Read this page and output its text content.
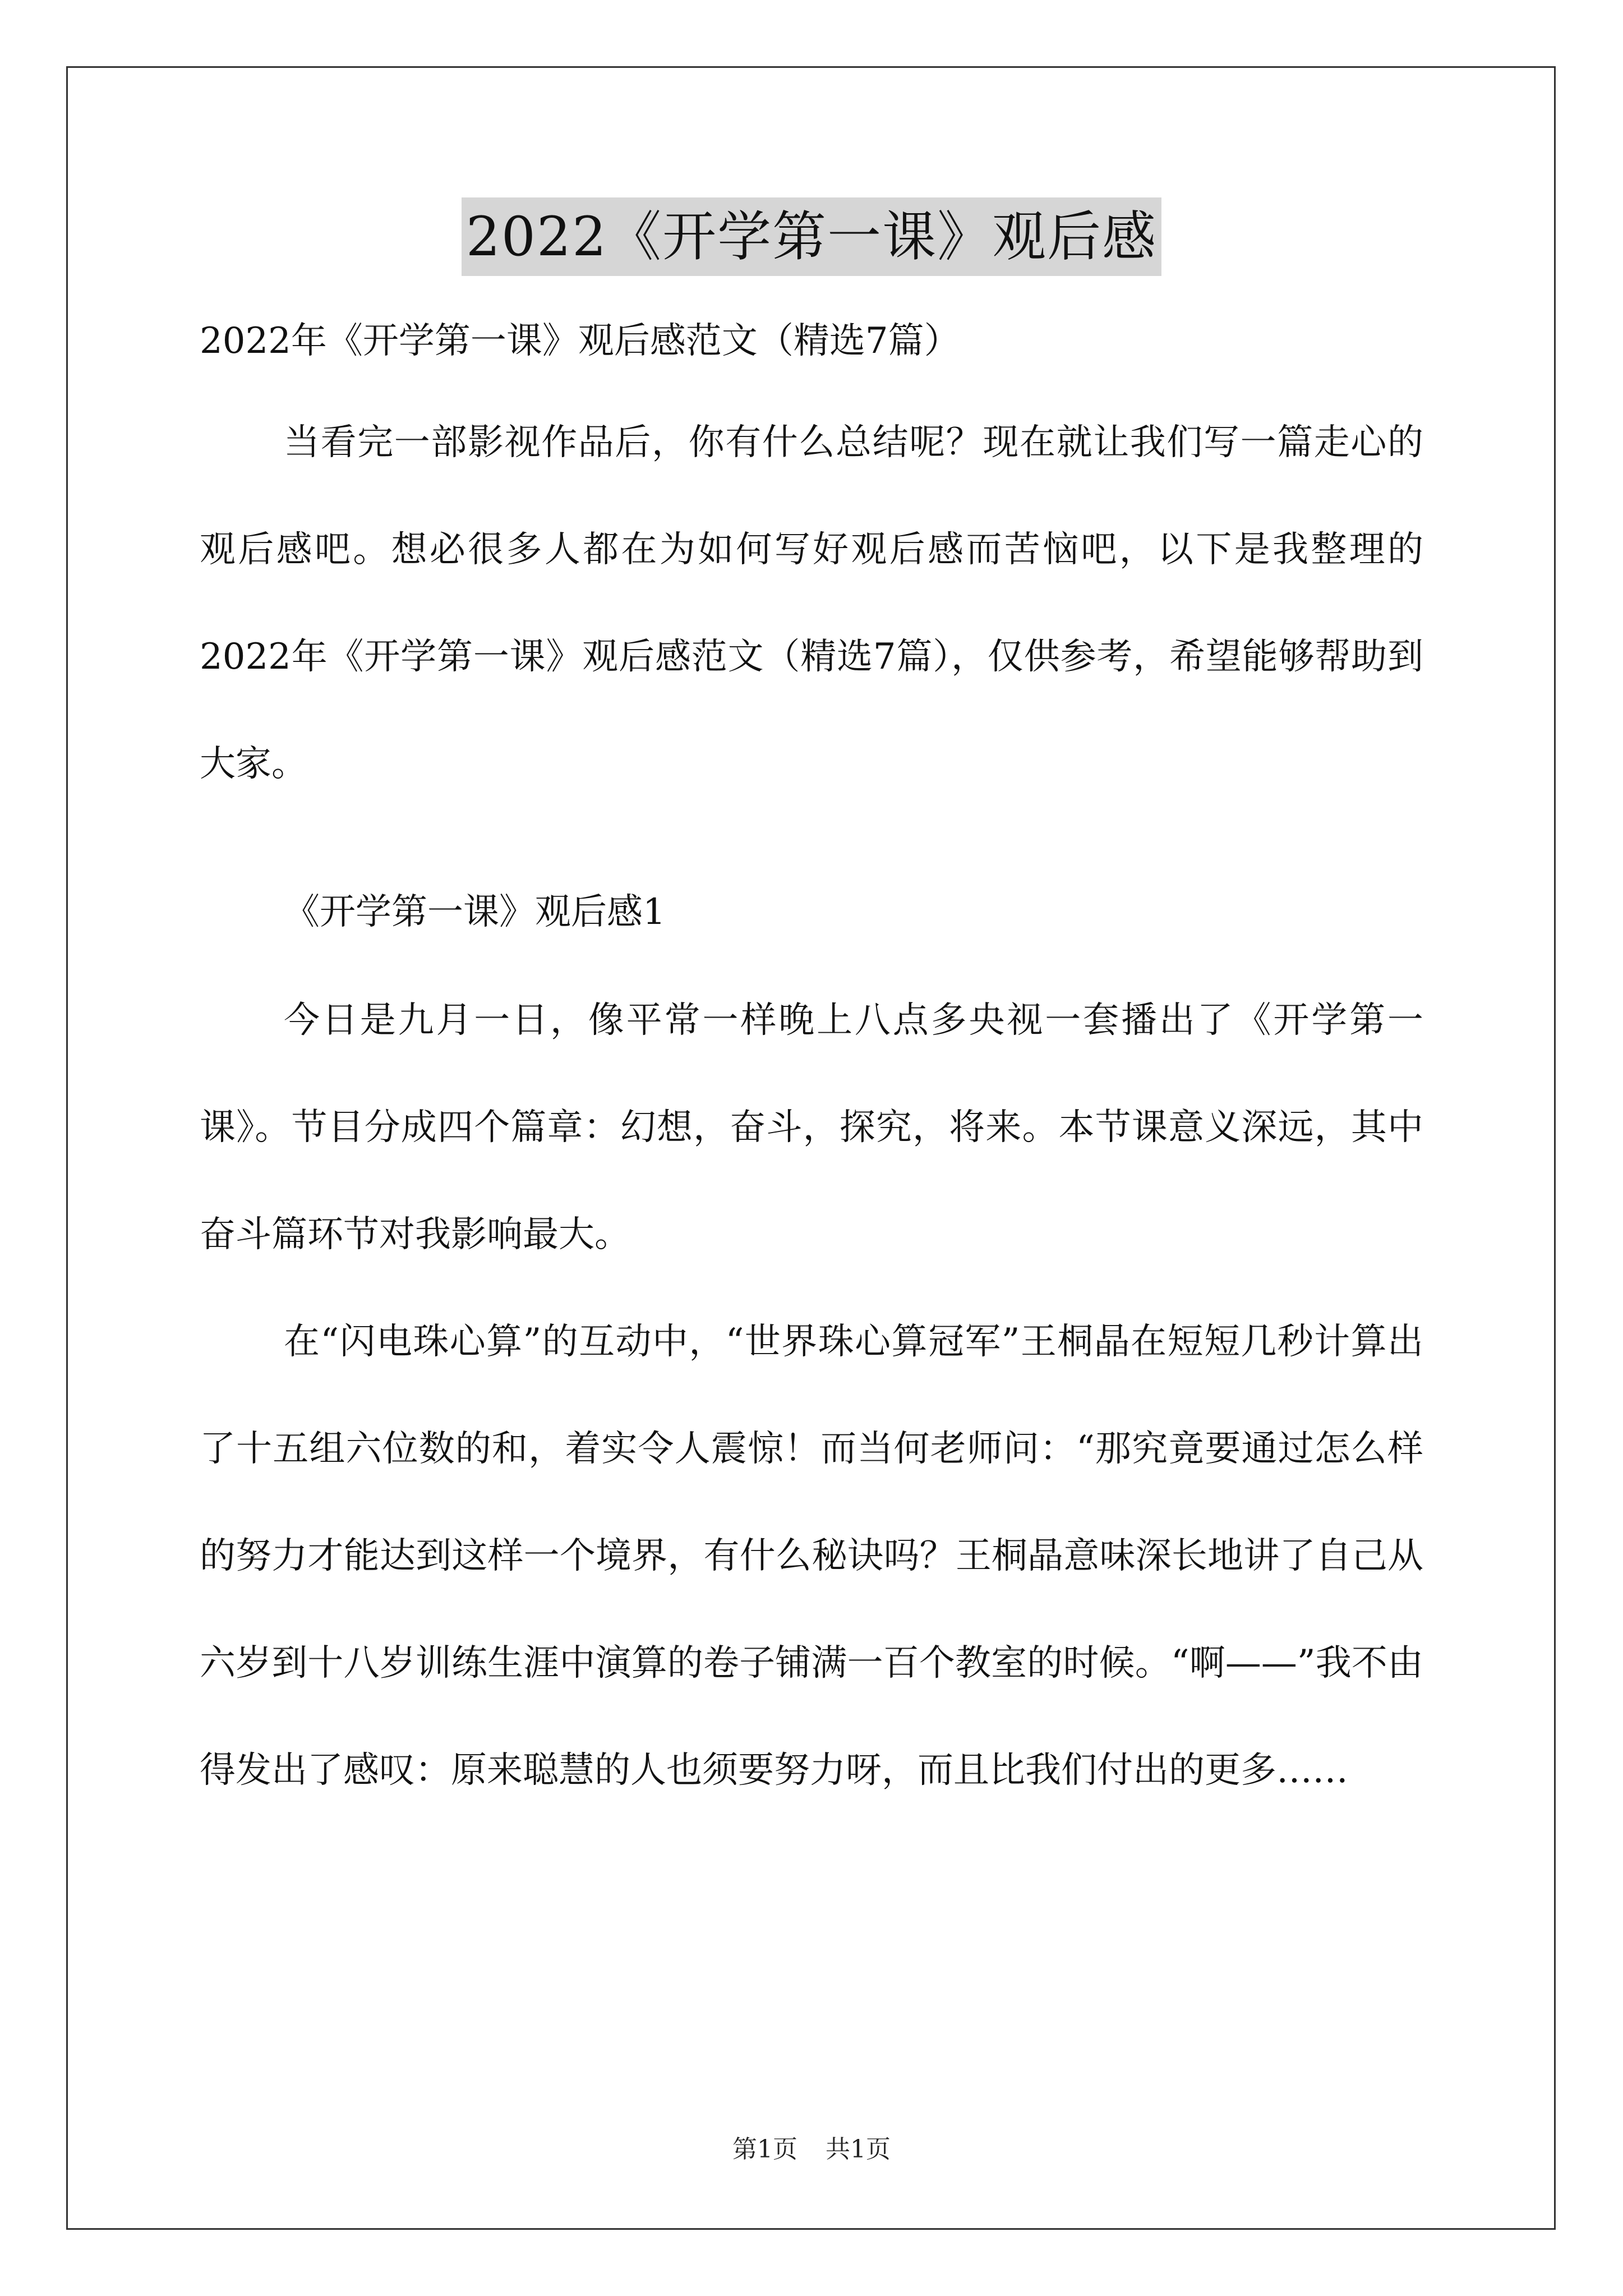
2022《开学第一课》观后感
2022年《开学第一课》观后感范文（精选7篇）

当看完一部影视作品后，你有什么总结呢？现在就让我们写一篇走心的观后感吧。想必很多人都在为如何写好观后感而苦恼吧，以下是我整理的2022年《开学第一课》观后感范文（精选7篇），仅供参考，希望能够帮助到大家。

《开学第一课》观后感1

今日是九月一日，像平常一样晚上八点多央视一套播出了《开学第一课》。节目分成四个篇章：幻想，奋斗，探究，将来。本节课意义深远，其中奋斗篇环节对我影响最大。

在“闪电珠心算”的互动中，“世界珠心算冠军”王桐晶在短短几秒计算出了十五组六位数的和，着实令人震惊！而当何老师问：“那究竟要通过怎么样的努力才能达到这样一个境界，有什么秘诀吗？王桐晶意味深长地讲了自己从六岁到十八岁训练生涯中演算的卷子铺满一百个教室的时候。“啊——”我不由得发出了感叹：原来聪慧的人也须要努力呀，而且比我们付出的更多……

第1页 共1页
